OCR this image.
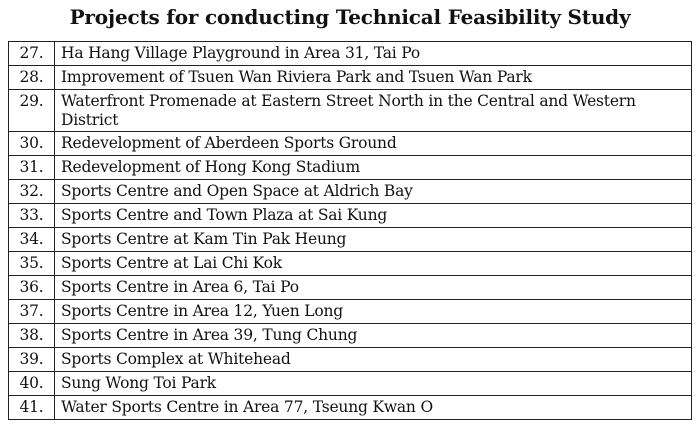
Projects for conducting Technical Feasibility Study
27.	Ha Hang Village Playground in Area 31, Tai Po
28.	Improvement of Tsuen Wan Riviera Park and Tsuen Wan Park
29.	Waterfront Promenade at Eastern Street North in the Central and Western District
30.	Redevelopment of Aberdeen Sports Ground
31.	Redevelopment of Hong Kong Stadium
32.	Sports Centre and Open Space at Aldrich Bay
33.	Sports Centre and Town Plaza at Sai Kung
34.	Sports Centre at Kam Tin Pak Heung
35.	Sports Centre at Lai Chi Kok
36.	Sports Centre in Area 6, Tai Po
37.	Sports Centre in Area 12, Yuen Long
38.	Sports Centre in Area 39, Tung Chung
39.	Sports Complex at Whitehead
40.	Sung Wong Toi Park
41.	Water Sports Centre in Area 77, Tseung Kwan O
